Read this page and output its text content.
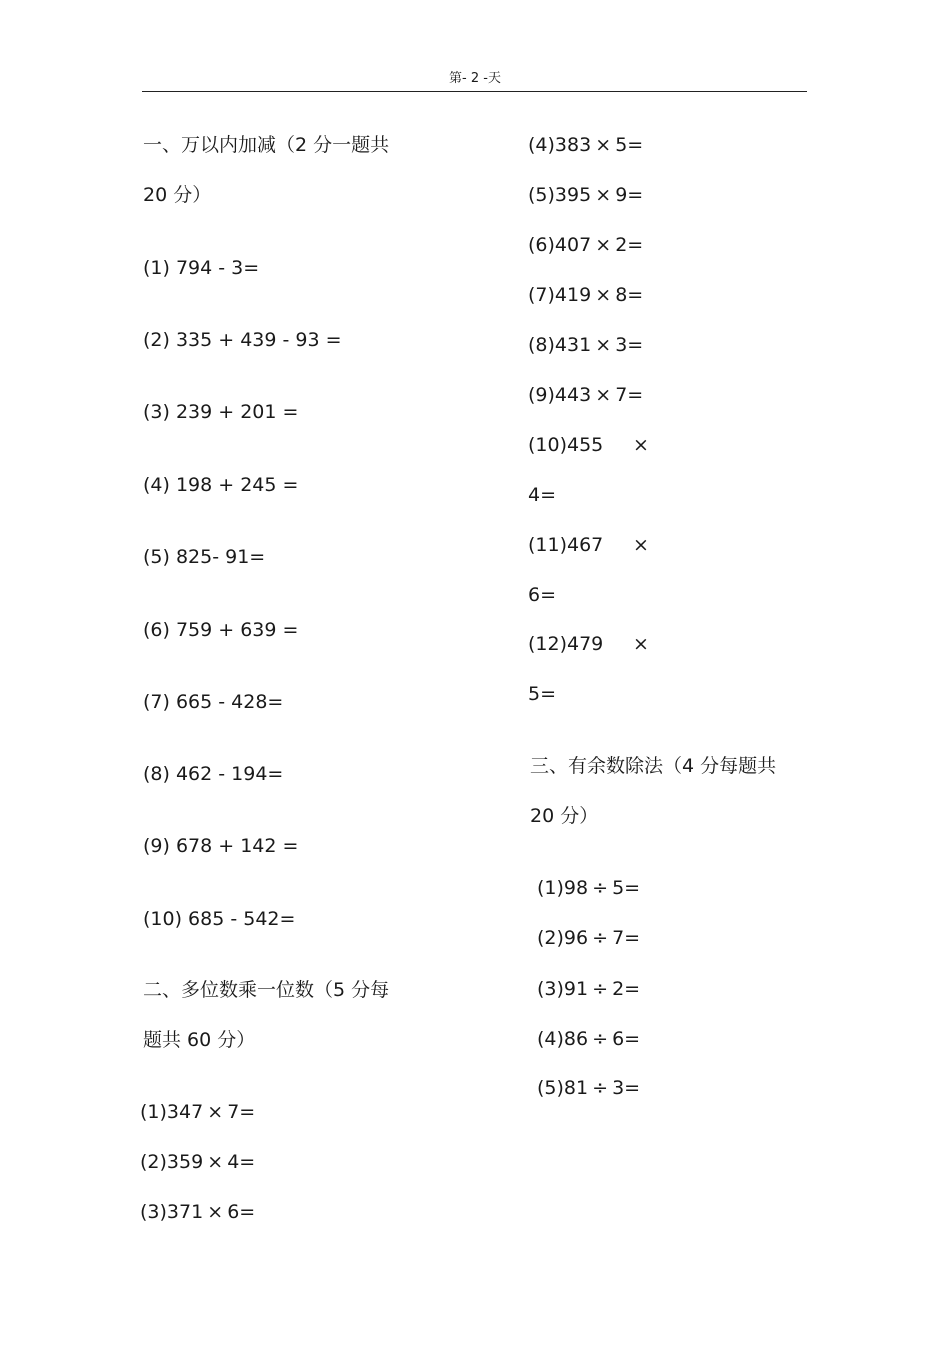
第- 2 -天
一、万以内加减（2 分一题共
20 分）
(1) 794 - 3=
(2) 335 + 439 - 93 =
(3) 239 + 201 =
(4) 198 + 245 =
(5) 825- 91=
(6) 759 + 639 =
(7) 665 - 428=
(8) 462 - 194=
(9) 678 + 142 =
(10) 685 - 542=
二、多位数乘一位数（5 分每
题共 60 分）
(1)347 × 7=
(2)359 × 4=
(3)371 × 6=
(4)383 × 5=
(5)395 × 9=
(6)407 × 2=
(7)419 × 8=
(8)431 × 3=
(9)443 × 7=
(10)455 ×
4=
(11)467 ×
6=
(12)479 ×
5=
三、有余数除法（4 分每题共
20 分）
(1)98 ÷ 5=
(2)96 ÷ 7=
(3)91 ÷ 2=
(4)86 ÷ 6=
(5)81 ÷ 3=
